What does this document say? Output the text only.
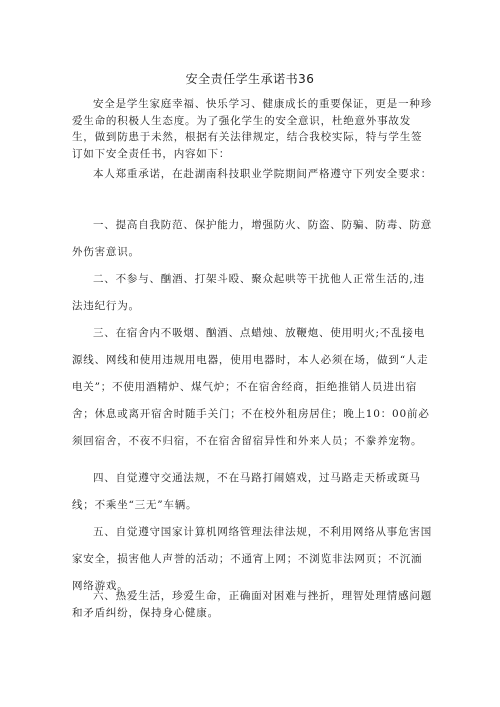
安全责任学生承诺书36
安全是学生家庭幸福、快乐学习、健康成长的重要保证，更是一种珍爱生命的积极人生态度。为了强化学生的安全意识，杜绝意外事故发生，做到防患于未然，根据有关法律规定，结合我校实际，特与学生签订如下安全责任书，内容如下：
本人郑重承诺，在赴湖南科技职业学院期间严格遵守下列安全要求：
一、提高自我防范、保护能力，增强防火、防盗、防骗、防毒、防意外伤害意识。
二、不参与、酗酒、打架斗殴、聚众起哄等干扰他人正常生活的,违法违纪行为。
三、在宿舍内不吸烟、酗酒、点蜡烛、放鞭炮、使用明火;不乱接电源线、网线和使用违规用电器，使用电器时，本人必须在场，做到“人走电关”；不使用酒精炉、煤气炉；不在宿舍经商，拒绝推销人员进出宿舍；休息或离开宿舍时随手关门；不在校外租房居住；晚上10：00前必须回宿舍，不夜不归宿，不在宿舍留宿异性和外来人员；不豢养宠物。
四、自觉遵守交通法规，不在马路打闹嬉戏，过马路走天桥或斑马线；不乘坐“三无”车辆。
五、自觉遵守国家计算机网络管理法律法规，不利用网络从事危害国家安全，损害他人声誉的活动；不通宵上网；不浏览非法网页；不沉湎网络游戏。
六、热爱生活，珍爱生命，正确面对困难与挫折，理智处理情感问题和矛盾纠纷，保持身心健康。
